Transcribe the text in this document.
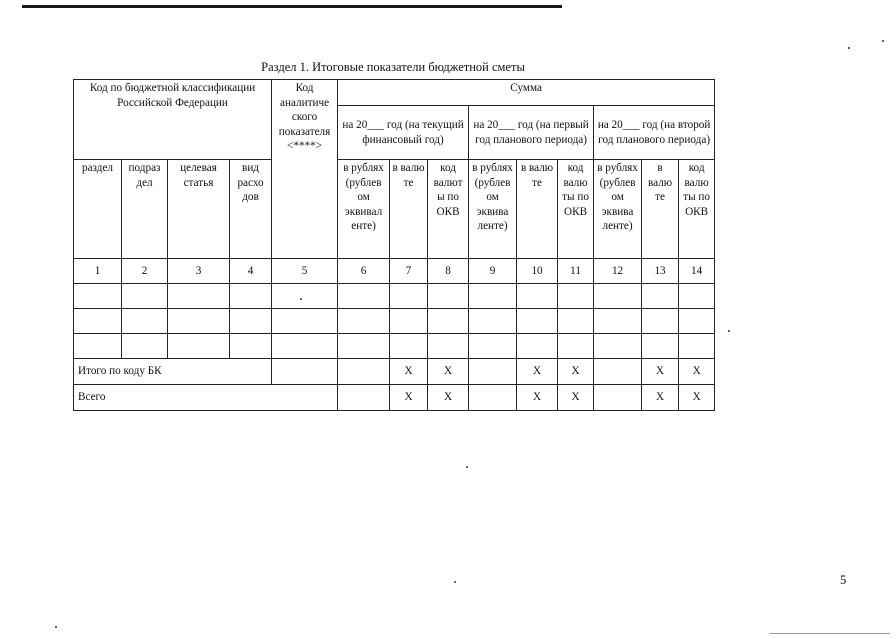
Раздел 1. Итоговые показатели бюджетной сметы
Код по бюджетной классификации Российской Федерации				Код аналитиче ского показателя <****>	Сумма								
					на 20___ год (на текущий финансовый год)			на 20___ год (на первый год планового периода)			на 20___ год (на второй год планового периода)		
раздел	подраз дел	целевая статья	вид расхо дов		в рублях (рублев ом эквивал енте)	в валю те	код валют ы по ОКВ	в рублях (рублев ом эквива ленте)	в валю те	код валю ты по ОКВ	в рублях (рублев ом эквива ленте)	в валю те	код валю ты по ОКВ
1	2	3	4	5	6	7	8	9	10	11	12	13	14

Итого по коду БК						X	X		X	X		X	X
Всего						X	X		X	X		X	X
5
